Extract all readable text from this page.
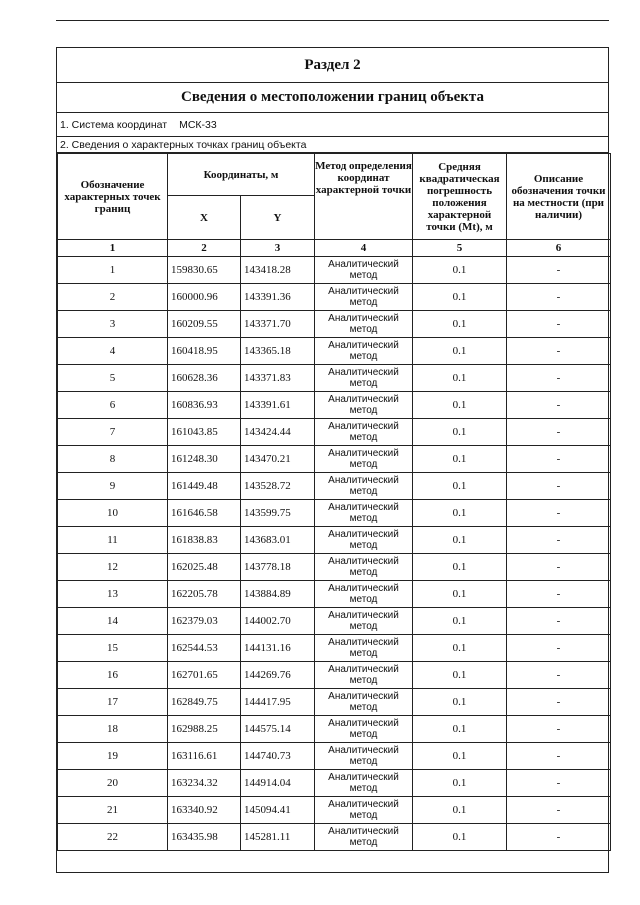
Раздел 2
Сведения о местоположении границ объекта
1. Система координат МСК-33
2. Сведения о характерных точках границ объекта
Обозначение характерных точек границ	Координаты, м		Метод определения координат характерной точки	Средняя квадратическая погрешность положения характерной точки (Mt), м	Описание обозначения точки на местности (при наличии)
	X	Y			
1	2	3	4	5	6
1	159830.65	143418.28	Аналитический метод	0.1	-
2	160000.96	143391.36	Аналитический метод	0.1	-
3	160209.55	143371.70	Аналитический метод	0.1	-
4	160418.95	143365.18	Аналитический метод	0.1	-
5	160628.36	143371.83	Аналитический метод	0.1	-
6	160836.93	143391.61	Аналитический метод	0.1	-
7	161043.85	143424.44	Аналитический метод	0.1	-
8	161248.30	143470.21	Аналитический метод	0.1	-
9	161449.48	143528.72	Аналитический метод	0.1	-
10	161646.58	143599.75	Аналитический метод	0.1	-
11	161838.83	143683.01	Аналитический метод	0.1	-
12	162025.48	143778.18	Аналитический метод	0.1	-
13	162205.78	143884.89	Аналитический метод	0.1	-
14	162379.03	144002.70	Аналитический метод	0.1	-
15	162544.53	144131.16	Аналитический метод	0.1	-
16	162701.65	144269.76	Аналитический метод	0.1	-
17	162849.75	144417.95	Аналитический метод	0.1	-
18	162988.25	144575.14	Аналитический метод	0.1	-
19	163116.61	144740.73	Аналитический метод	0.1	-
20	163234.32	144914.04	Аналитический метод	0.1	-
21	163340.92	145094.41	Аналитический метод	0.1	-
22	163435.98	145281.11	Аналитический метод	0.1	-
